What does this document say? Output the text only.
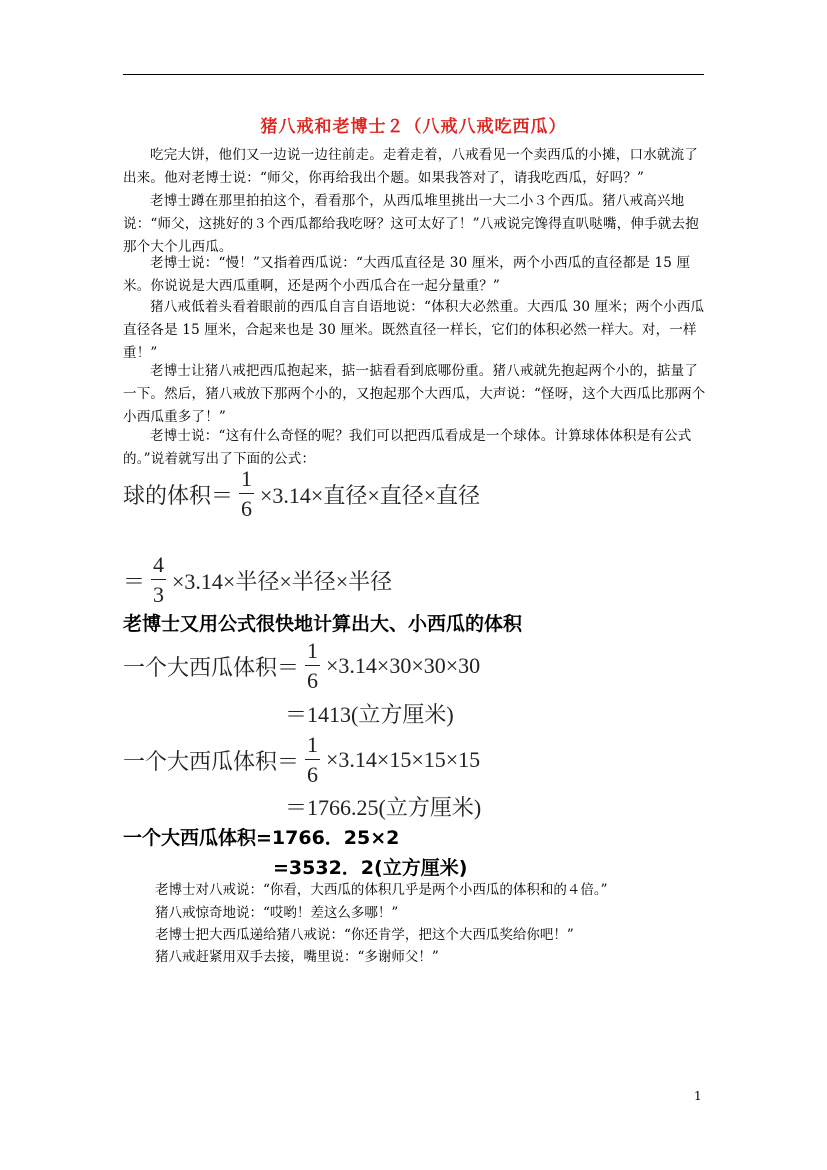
猪八戒和老博士２（八戒八戒吃西瓜）
吃完大饼，他们又一边说一边往前走。走着走着，八戒看见一个卖西瓜的小摊，口水就流了出来。他对老博士说：“师父，你再给我出个题。如果我答对了，请我吃西瓜，好吗？”
老博士蹲在那里拍拍这个，看看那个，从西瓜堆里挑出一大二小３个西瓜。猪八戒高兴地说：“师父，这挑好的３个西瓜都给我吃呀？这可太好了！”八戒说完馋得直叭哒嘴，伸手就去抱那个大个儿西瓜。
老博士说：“慢！”又指着西瓜说：“大西瓜直径是 30 厘米，两个小西瓜的直径都是 15 厘米。你说说是大西瓜重啊，还是两个小西瓜合在一起分量重？”
猪八戒低着头看着眼前的西瓜自言自语地说：“体积大必然重。大西瓜 30 厘米；两个小西瓜直径各是 15 厘米，合起来也是 30 厘米。既然直径一样长，它们的体积必然一样大。对，一样重！”
老博士让猪八戒把西瓜抱起来，掂一掂看看到底哪份重。猪八戒就先抱起两个小的，掂量了一下。然后，猪八戒放下那两个小的，又抱起那个大西瓜，大声说：“怪呀，这个大西瓜比那两个小西瓜重多了！”
老博士说：“这有什么奇怪的呢？我们可以把西瓜看成是一个球体。计算球体体积是有公式的。”说着就写出了下面的公式：
球的体积＝ $\frac{1}{6} \times 3.14\times$直径×直径×直径
＝ $\frac{4}{3} \times 3.14\times$半径×半径×半径
老博士又用公式很快地计算出大、小西瓜的体积
一个大西瓜体积＝ $\frac{1}{6} \times 3.14\times 30\times 30\times 30$
＝1413(立方厘米)
一个大西瓜体积＝ $\frac{1}{6} \times 3.14\times 15\times 15\times 15$
＝1766.25(立方厘米)
一个大西瓜体积=1766．25×2
=3532．2(立方厘米)
老博士对八戒说：“你看，大西瓜的体积几乎是两个小西瓜的体积和的４倍。”
猪八戒惊奇地说：“哎哟！差这么多哪！”
老博士把大西瓜递给猪八戒说：“你还肯学，把这个大西瓜奖给你吧！”
猪八戒赶紧用双手去接，嘴里说：“多谢师父！”
1
